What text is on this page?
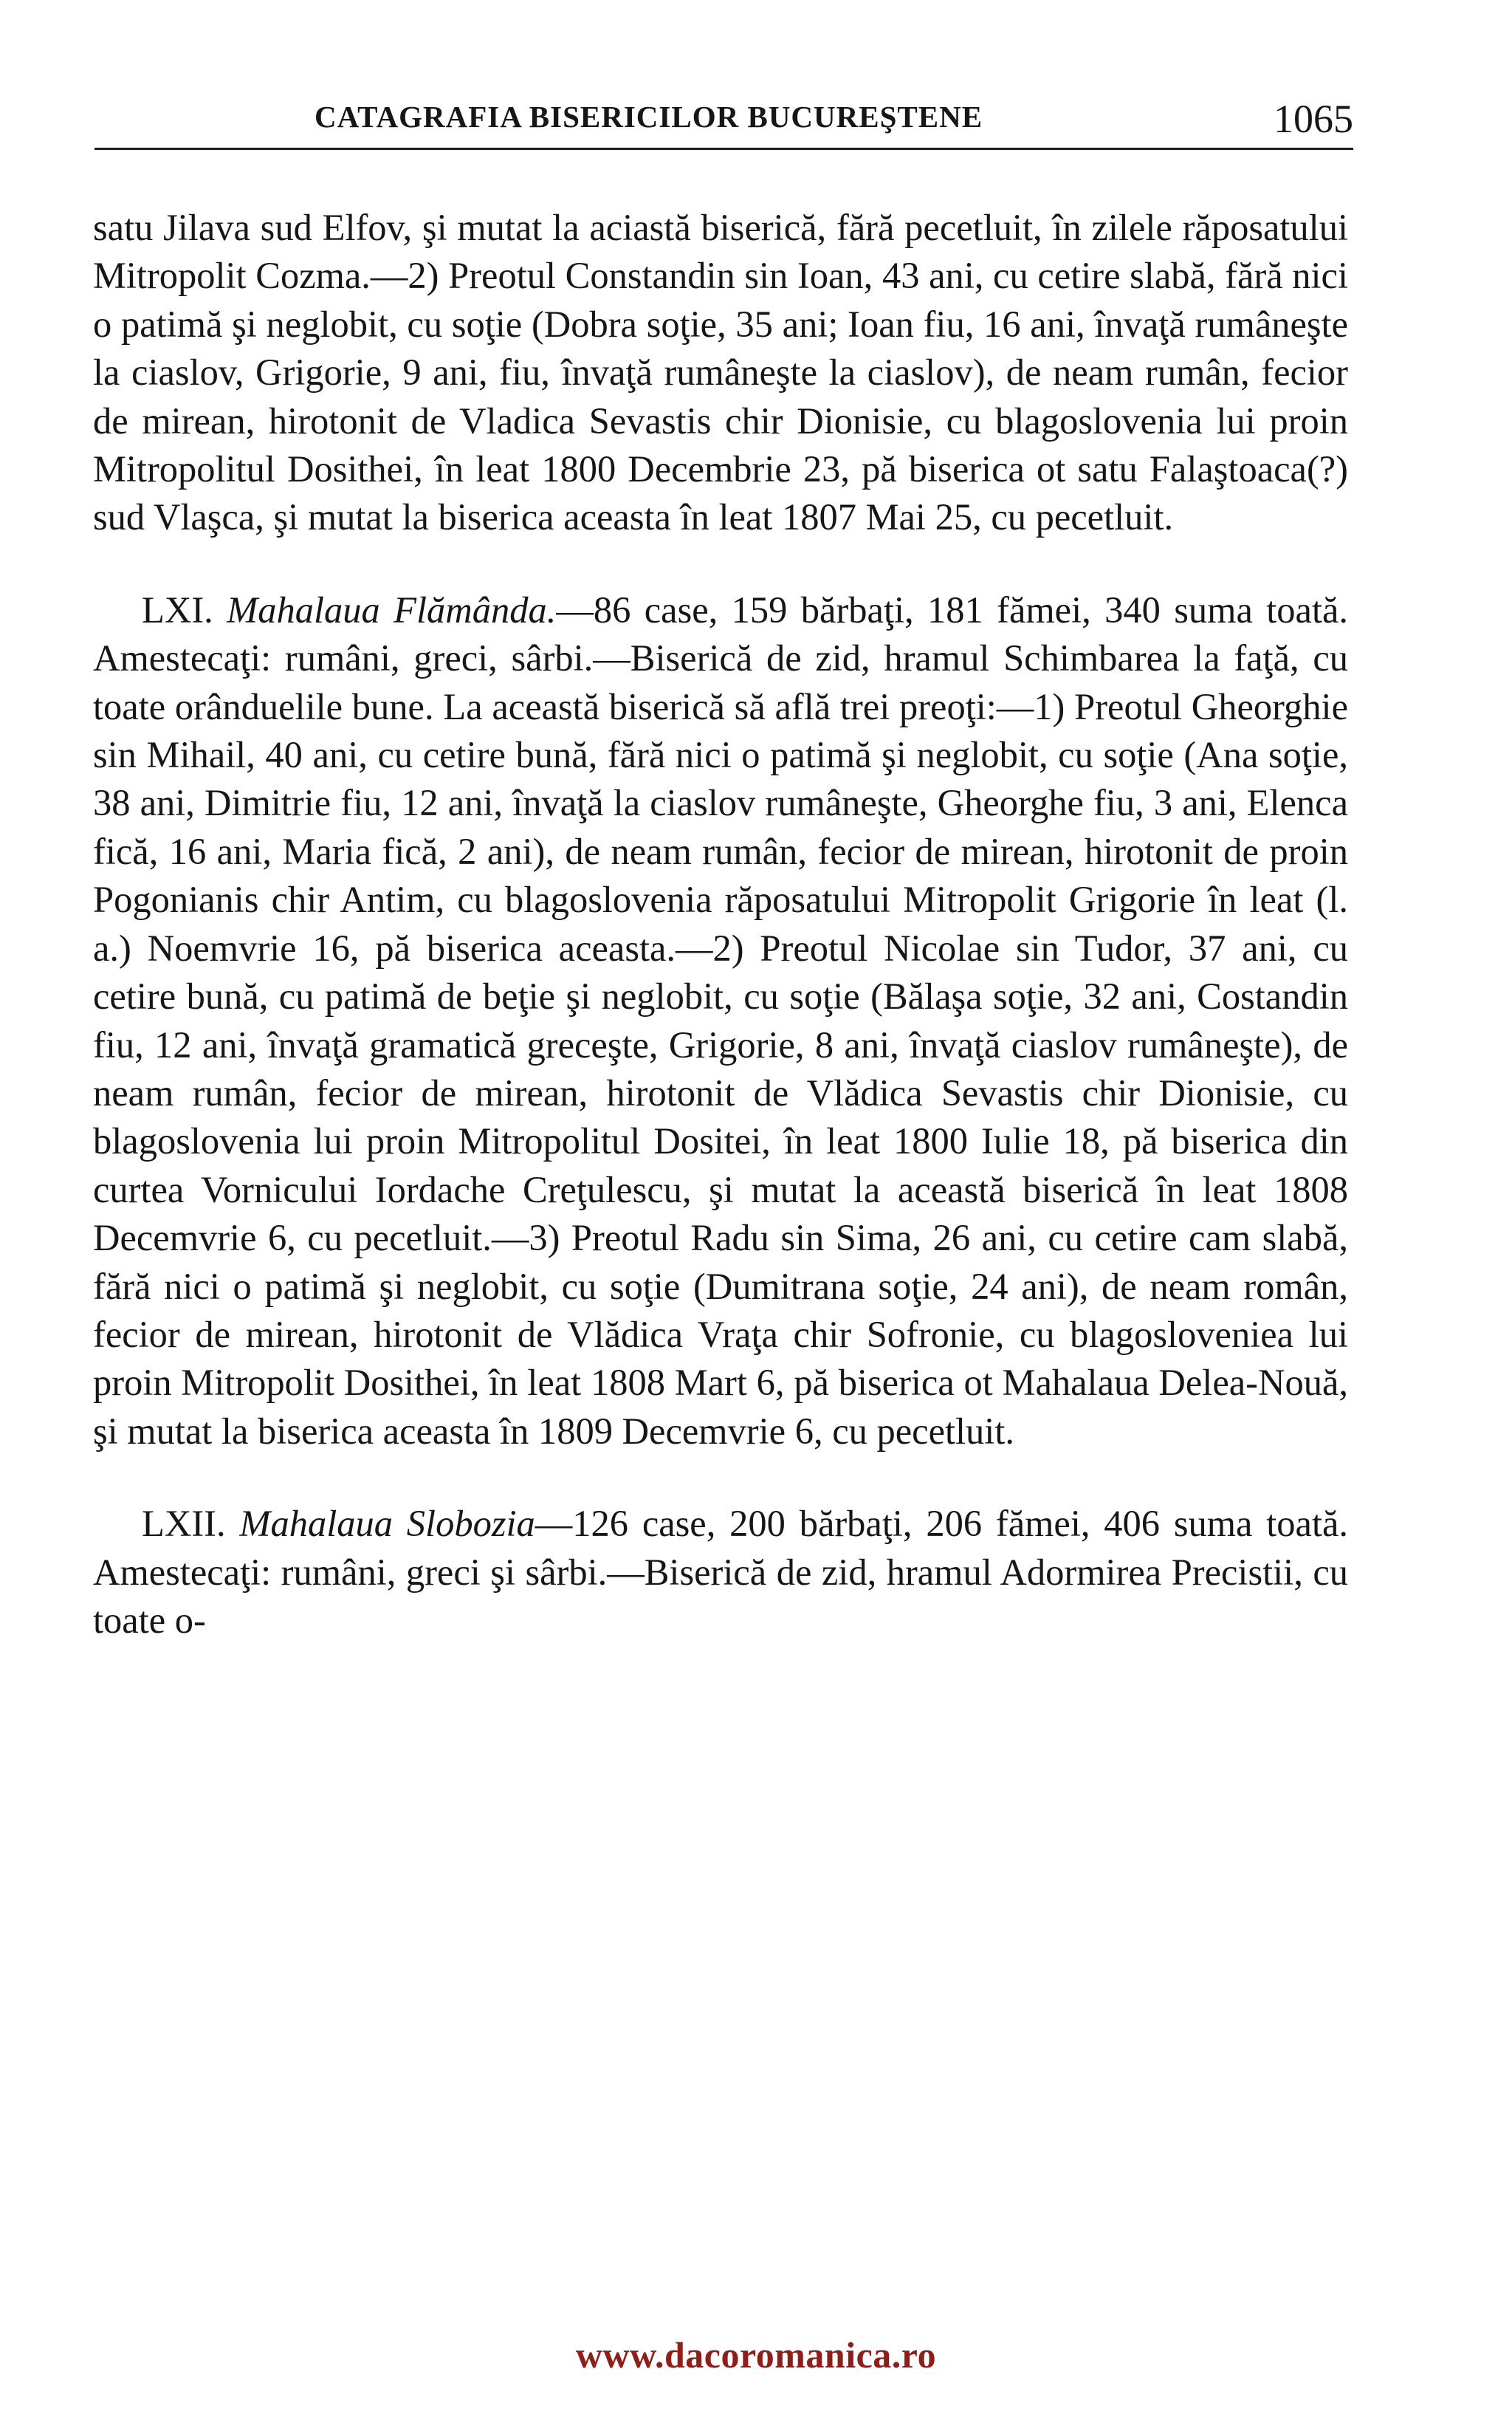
CATAGRAFIA BISERICILOR BUCUREŞTENE	1065

satu Jilava sud Elfov, şi mutat la aciastă biserică, fără pecetluit, în zilele răposatului Mitropolit Cozma.—2) Preotul Constandin sin Ioan, 43 ani, cu cetire slabă, fără nici o patimă şi neglobit, cu soţie (Dobra soţie, 35 ani; Ioan fiu, 16 ani, învaţă rumâneşte la ciaslov, Grigorie, 9 ani, fiu, învaţă rumâneşte la ciaslov), de neam rumân, fecior de mirean, hirotonit de Vladica Sevastis chir Dionisie, cu blagoslovenia lui proin Mitropolitul Dosithei, în leat 1800 Decembrie 23, pă biserica ot satu Falaştoaca(?) sud Vlaşca, şi mutat la biserica aceasta în leat 1807 Mai 25, cu pecetluit.

LXI. Mahalaua Flămânda.—86 case, 159 bărbaţi, 181 fămei, 340 suma toată. Amestecaţi: rumâni, greci, sârbi.—Biserică de zid, hramul Schimbarea la faţă, cu toate orânduelile bune. La această biserică să află trei preoţi:—1) Preotul Gheorghie sin Mihail, 40 ani, cu cetire bună, fără nici o patimă şi neglobit, cu soţie (Ana soţie, 38 ani, Dimitrie fiu, 12 ani, învaţă la ciaslov rumâneşte, Gheorghe fiu, 3 ani, Elenca fică, 16 ani, Maria fică, 2 ani), de neam rumân, fecior de mirean, hirotonit de proin Pogonianis chir Antim, cu blagoslovenia răposatului Mitropolit Grigorie în leat (l. a.) Noemvrie 16, pă biserica aceasta.—2) Preotul Nicolae sin Tudor, 37 ani, cu cetire bună, cu patimă de beţie şi neglobit, cu soţie (Bălaşa soţie, 32 ani, Costandin fiu, 12 ani, învaţă gramatică greceşte, Grigorie, 8 ani, învaţă ciaslov rumâneşte), de neam rumân, fecior de mirean, hirotonit de Vlădica Sevastis chir Dionisie, cu blagoslovenia lui proin Mitropolitul Dositei, în leat 1800 Iulie 18, pă biserica din curtea Vornicului Iordache Creţulescu, şi mutat la această biserică în leat 1808 Decemvrie 6, cu pecetluit.—3) Preotul Radu sin Sima, 26 ani, cu cetire cam slabă, fără nici o patimă şi neglobit, cu soţie (Dumitrana soţie, 24 ani), de neam român, fecior de mirean, hirotonit de Vlădica Vraţa chir Sofronie, cu blagosloveniea lui proin Mitropolit Dosithei, în leat 1808 Mart 6, pă biserica ot Mahalaua Delea-Nouă, şi mutat la biserica aceasta în 1809 Decemvrie 6, cu pecetluit.

LXII. Mahalaua Slobozia—126 case, 200 bărbaţi, 206 fămei, 406 suma toată. Amestecaţi: rumâni, greci şi sârbi.—Biserică de zid, hramul Adormirea Precistii, cu toate o-

www.dacoromanica.ro
